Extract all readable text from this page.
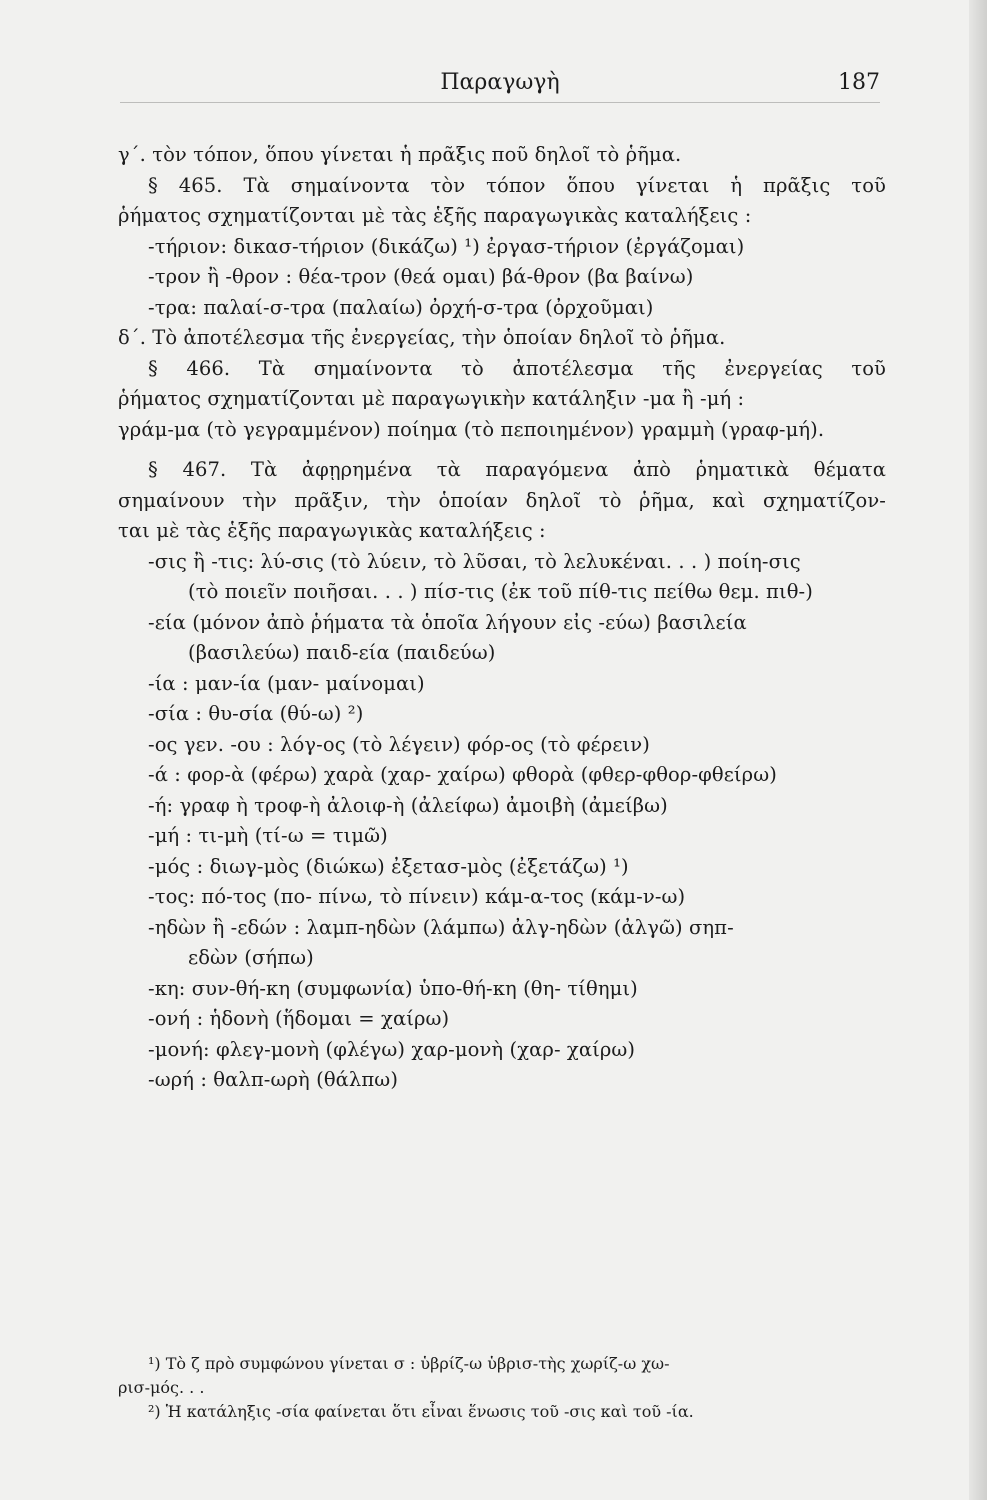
Παραγωγὴ	187
γ΄. τὸν τόπον, ὅπου γίνεται ἡ πρᾶξις ποῦ δηλοῖ τὸ ῥῆμα.
§ 465. Τὰ σημαίνοντα τὸν τόπον ὅπου γίνεται ἡ πρᾶξις τοῦ
ῥήματος σχηματίζονται μὲ τὰς ἑξῆς παραγωγικὰς καταλήξεις :
-τήριον: δικασ-τήριον (δικάζω) ¹) ἐργασ-τήριον (ἐργάζομαι)
-τρον ἢ -θρον : θέα-τρον (θεά ομαι) βά-θρον (βα βαίνω)
-τρα: παλαί-σ-τρα (παλαίω) ὀρχή-σ-τρα (ὀρχοῦμαι)
δ΄. Τὸ ἀποτέλεσμα τῆς ἐνεργείας, τὴν ὁποίαν δηλοῖ τὸ ῥῆμα.
§ 466. Τὰ σημαίνοντα τὸ ἀποτέλεσμα τῆς ἐνεργείας τοῦ
ῥήματος σχηματίζονται μὲ παραγωγικὴν κατάληξιν -μα ἢ -μή :
γράμ-μα (τὸ γεγραμμένον) ποίημα (τὸ πεποιημένον) γραμμὴ (γραφ-μή).
§ 467. Τὰ ἀφῃρημένα τὰ παραγόμενα ἀπὸ ῥηματικὰ θέματα
σημαίνουν τὴν πρᾶξιν, τὴν ὁποίαν δηλοῖ τὸ ῥῆμα, καὶ σχηματίζον-
ται μὲ τὰς ἑξῆς παραγωγικὰς καταλήξεις :
-σις ἢ -τις: λύ-σις (τὸ λύειν, τὸ λῦσαι, τὸ λελυκέναι. . . ) ποίη-σις
(τὸ ποιεῖν ποιῆσαι. . . ) πίσ-τις (ἐκ τοῦ πίθ-τις πείθω θεμ. πιθ-)
-εία (μόνον ἀπὸ ῥήματα τὰ ὁποῖα λήγουν εἰς -εύω) βασιλεία
(βασιλεύω) παιδ-εία (παιδεύω)
-ία : μαν-ία (μαν- μαίνομαι)
-σία : θυ-σία (θύ-ω) ²)
-ος γεν. -ου : λόγ-ος (τὸ λέγειν) φόρ-ος (τὸ φέρειν)
-ά : φορ-ὰ (φέρω) χαρὰ (χαρ- χαίρω) φθορὰ (φθερ-φθορ-φθείρω)
-ή: γραφ ὴ τροφ-ὴ ἀλοιφ-ὴ (ἀλείφω) ἀμοιβὴ (ἀμείβω)
-μή : τι-μὴ (τί-ω = τιμῶ)
-μός : διωγ-μὸς (διώκω) ἐξετασ-μὸς (ἐξετάζω) ¹)
-τος: πό-τος (πο- πίνω, τὸ πίνειν) κάμ-α-τος (κάμ-ν-ω)
-ηδὼν ἢ -εδών : λαμπ-ηδὼν (λάμπω) ἀλγ-ηδὼν (ἀλγῶ) σηπ-
εδὼν (σήπω)
-κη: συν-θή-κη (συμφωνία) ὑπο-θή-κη (θη- τίθημι)
-ονή : ἡδονὴ (ἥδομαι = χαίρω)
-μονή: φλεγ-μονὴ (φλέγω) χαρ-μονὴ (χαρ- χαίρω)
-ωρή : θαλπ-ωρὴ (θάλπω)
¹) Τὸ ζ πρὸ συμφώνου γίνεται σ : ὑβρίζ-ω ὑβρισ-τὴς χωρίζ-ω χω-
ρισ-μός. . .
²) Ἡ κατάληξις -σία φαίνεται ὅτι εἶναι ἕνωσις τοῦ -σις καὶ τοῦ -ία.
